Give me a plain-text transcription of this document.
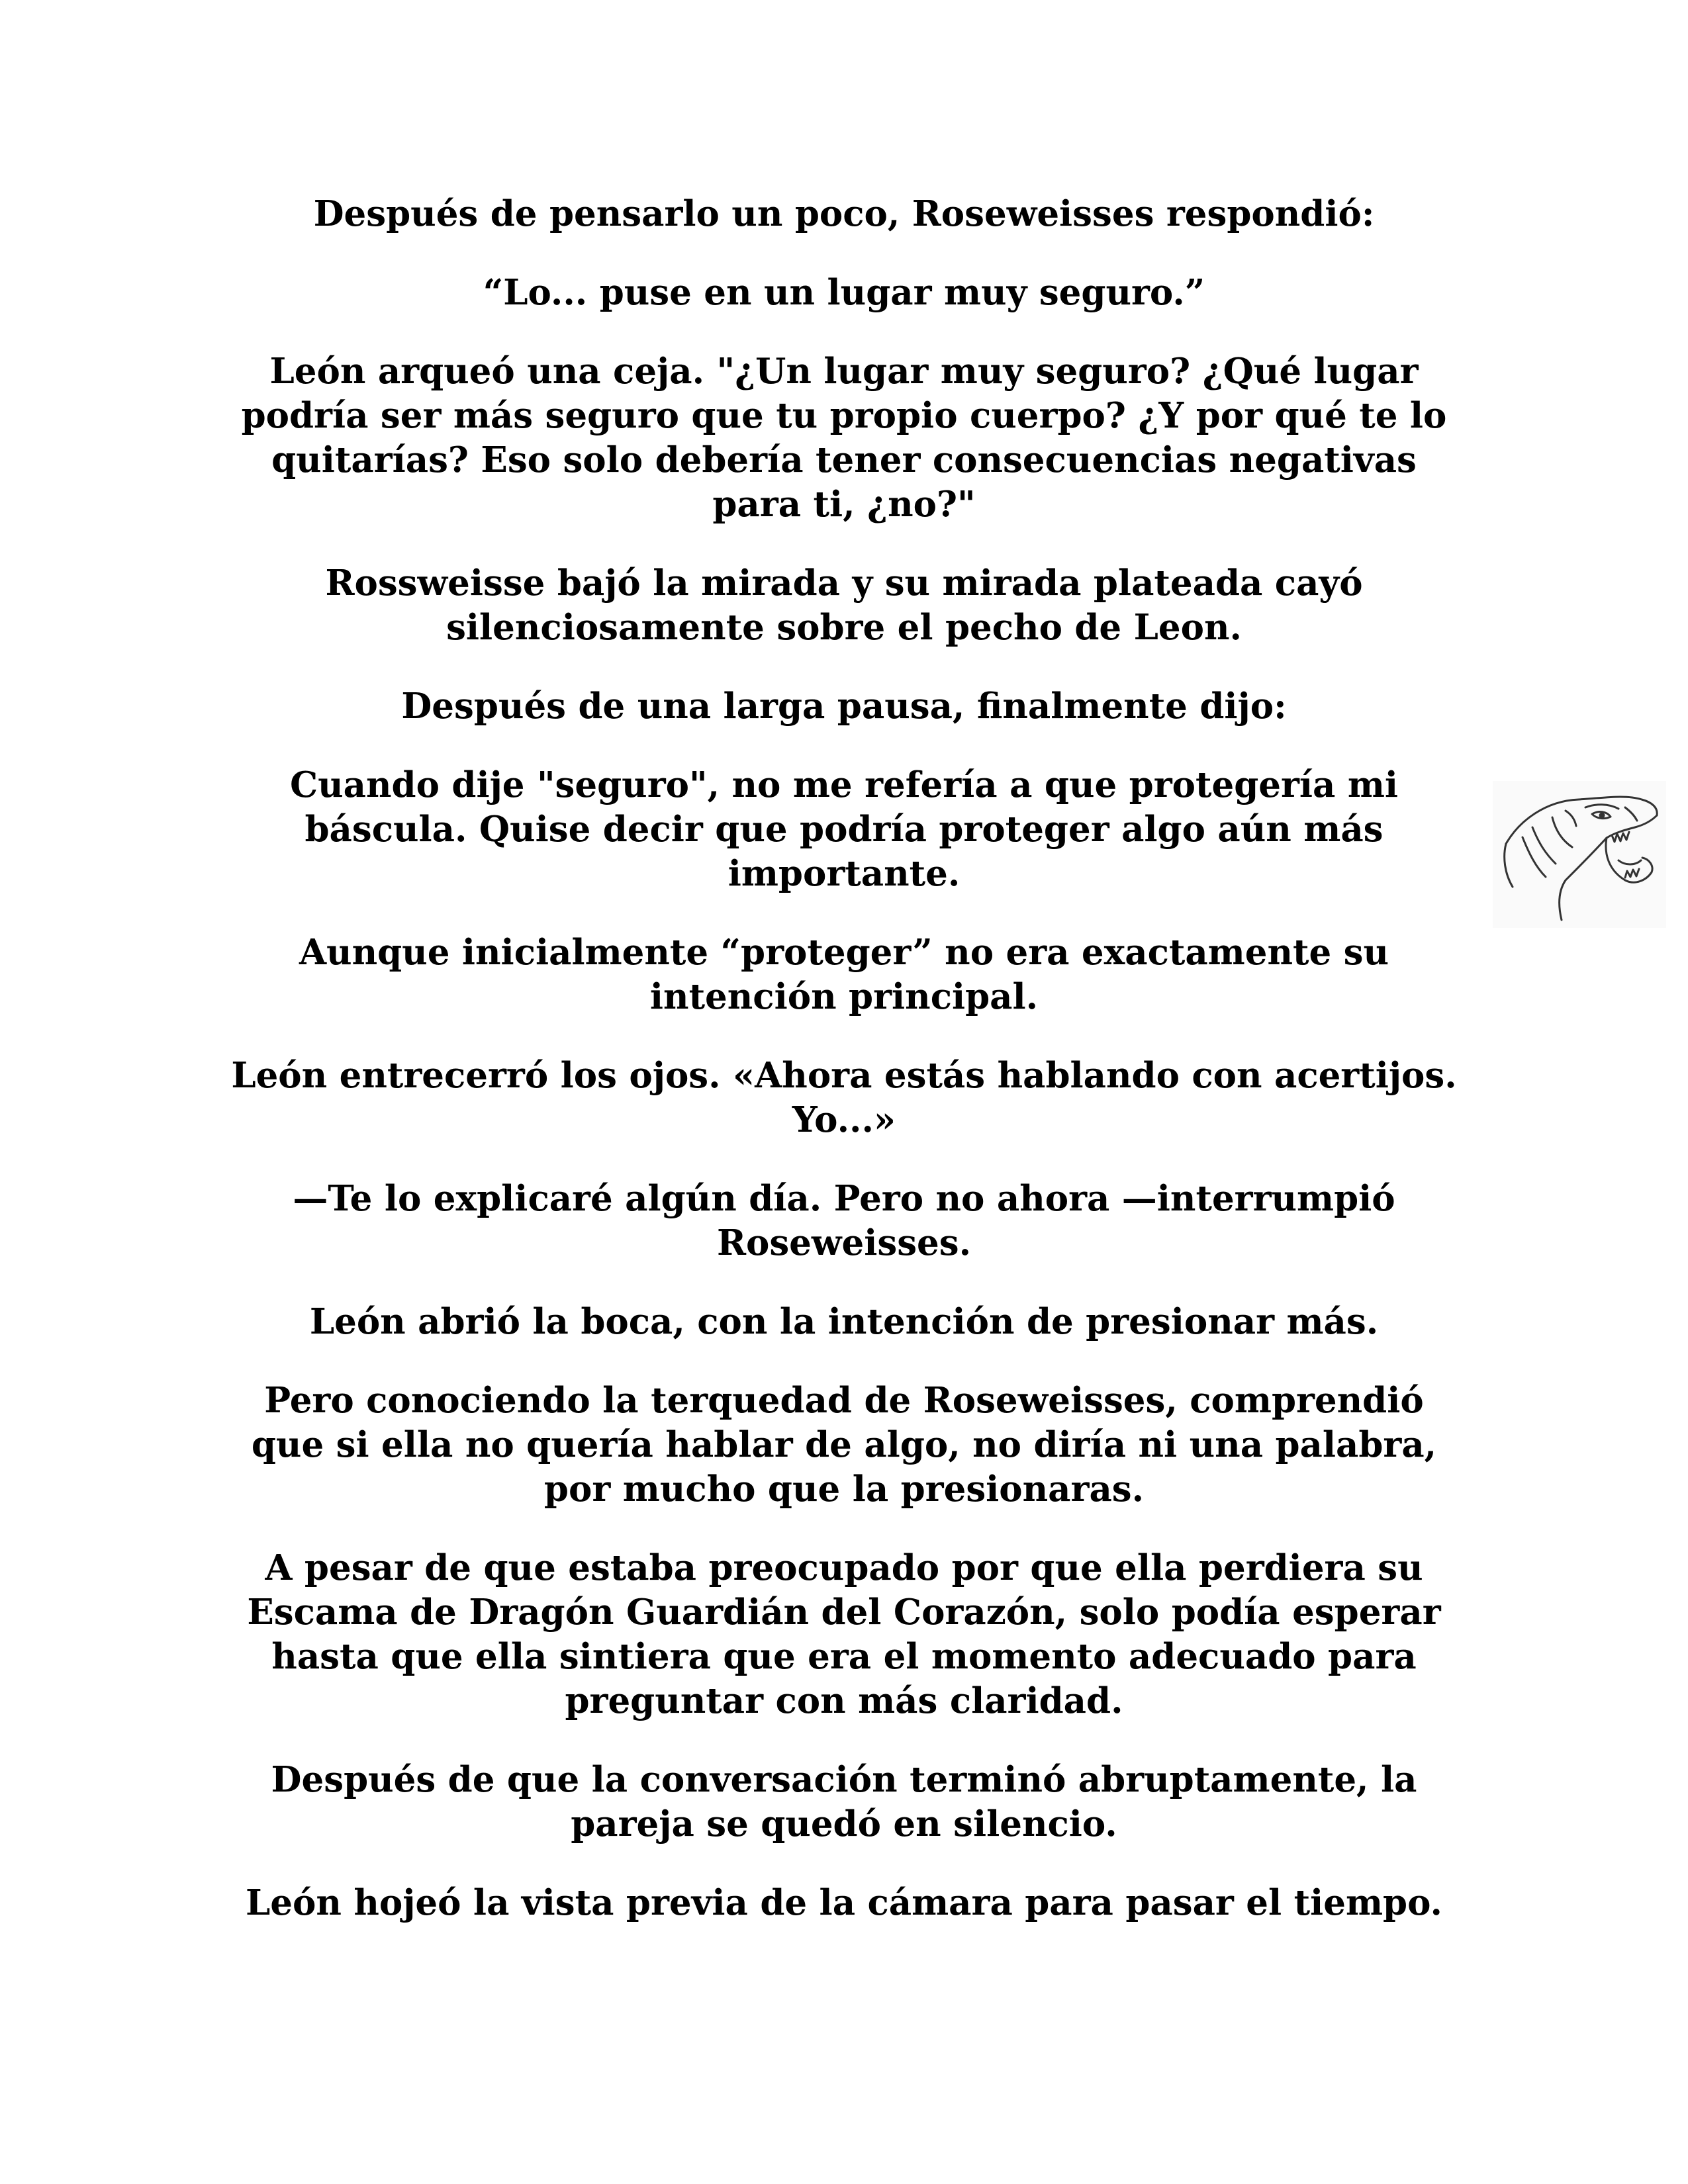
Después de pensarlo un poco, Roseweisses respondió:

“Lo... puse en un lugar muy seguro.”

León arqueó una ceja. "¿Un lugar muy seguro? ¿Qué lugar podría ser más seguro que tu propio cuerpo? ¿Y por qué te lo quitarías? Eso solo debería tener consecuencias negativas para ti, ¿no?"

Rossweisse bajó la mirada y su mirada plateada cayó silenciosamente sobre el pecho de Leon.

Después de una larga pausa, finalmente dijo:

Cuando dije "seguro", no me refería a que protegería mi báscula. Quise decir que podría proteger algo aún más importante.

Aunque inicialmente “proteger” no era exactamente su intención principal.

León entrecerró los ojos. «Ahora estás hablando con acertijos. Yo...»

—Te lo explicaré algún día. Pero no ahora —interrumpió Roseweisses.

León abrió la boca, con la intención de presionar más.

Pero conociendo la terquedad de Roseweisses, comprendió que si ella no quería hablar de algo, no diría ni una palabra, por mucho que la presionaras.

A pesar de que estaba preocupado por que ella perdiera su Escama de Dragón Guardián del Corazón, solo podía esperar hasta que ella sintiera que era el momento adecuado para preguntar con más claridad.

Después de que la conversación terminó abruptamente, la pareja se quedó en silencio.

León hojeó la vista previa de la cámara para pasar el tiempo.
